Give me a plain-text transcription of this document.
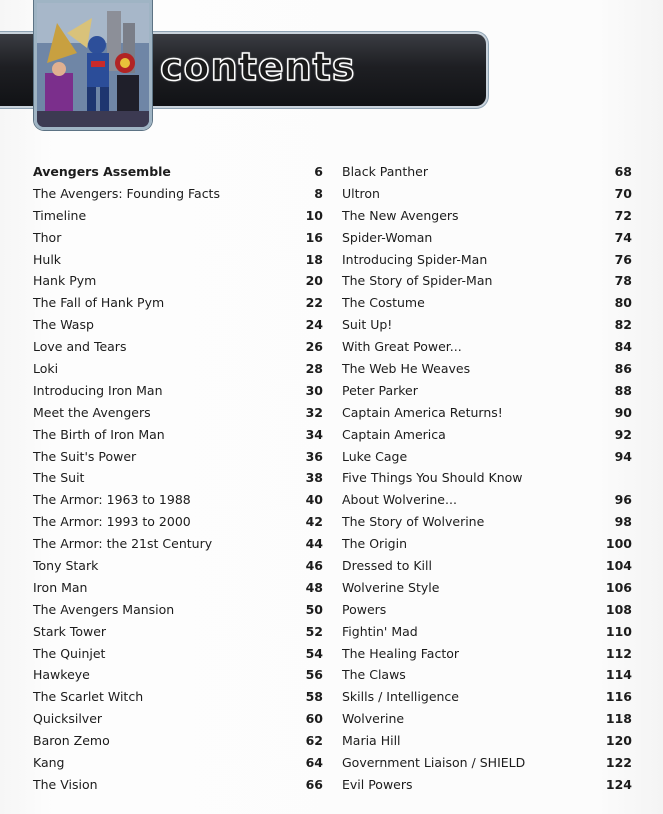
contents
Avengers Assemble	6
The Avengers: Founding Facts	8
Timeline	10
Thor	16
Hulk	18
Hank Pym	20
The Fall of Hank Pym	22
The Wasp	24
Love and Tears	26
Loki	28
Introducing Iron Man	30
Meet the Avengers	32
The Birth of Iron Man	34
The Suit's Power	36
The Suit	38
The Armor: 1963 to 1988	40
The Armor: 1993 to 2000	42
The Armor: the 21st Century	44
Tony Stark	46
Iron Man	48
The Avengers Mansion	50
Stark Tower	52
The Quinjet	54
Hawkeye	56
The Scarlet Witch	58
Quicksilver	60
Baron Zemo	62
Kang	64
The Vision	66
Black Panther	68
Ultron	70
The New Avengers	72
Spider-Woman	74
Introducing Spider-Man	76
The Story of Spider-Man	78
The Costume	80
Suit Up!	82
With Great Power...	84
The Web He Weaves	86
Peter Parker	88
Captain America Returns!	90
Captain America	92
Luke Cage	94
Five Things You Should Know
About Wolverine...	96
The Story of Wolverine	98
The Origin	100
Dressed to Kill	104
Wolverine Style	106
Powers	108
Fightin' Mad	110
The Healing Factor	112
The Claws	114
Skills / Intelligence	116
Wolverine	118
Maria Hill	120
Government Liaison / SHIELD	122
Evil Powers	124
